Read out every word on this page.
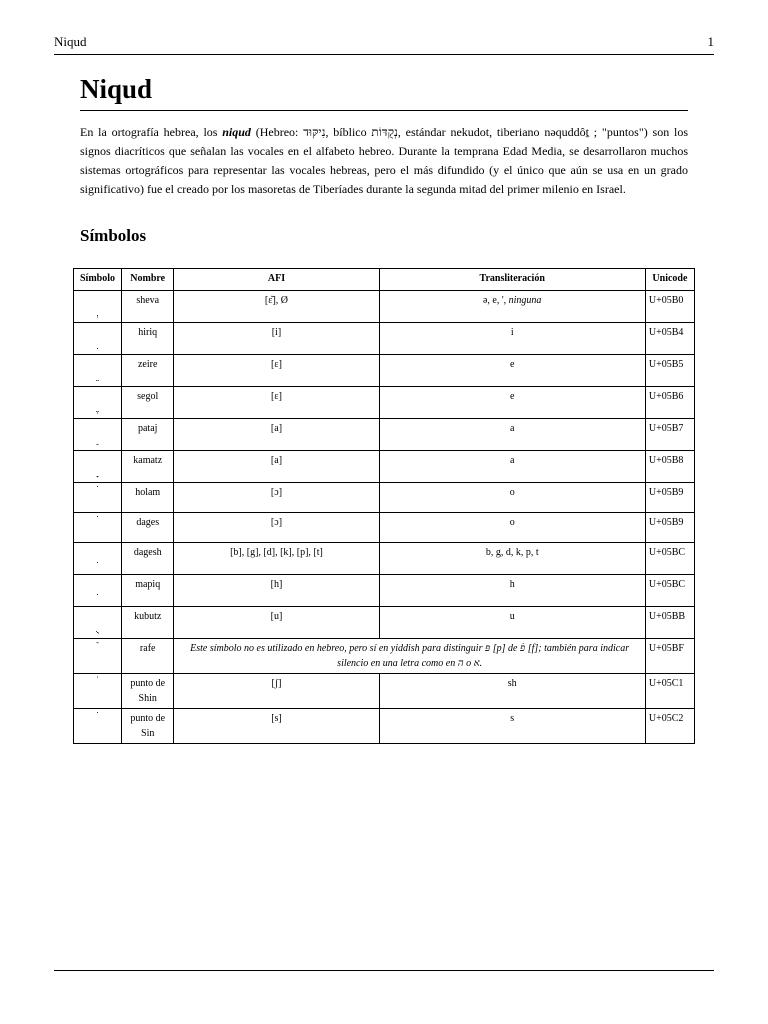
Niqud	1
Niqud

En la ortografía hebrea, los niqud (Hebreo: נִיקּוּד, bíblico נְקֻדּוֹת, estándar nekudot, tiberiano nəquddôṯ ; "puntos") son los signos diacríticos que señalan las vocales en el alfabeto hebreo. Durante la temprana Edad Media, se desarrollaron muchos sistemas ortográficos para representar las vocales hebreas, pero el más difundido (y el único que aún se usa en un grado significativo) fue el creado por los masoretas de Tiberíades durante la segunda mitad del primer milenio en Israel.

Símbolos
Símbolo	Nombre	AFI	Transliteración	Unicode
	sheva	[ɛ̆], Ø	ə, e, ', ninguna	U+05B0
	hiriq	[i]	i	U+05B4
	zeire	[ɛ]	e	U+05B5
	segol	[ɛ]	e	U+05B6
	pataj	[a]	a	U+05B7
	kamatz	[a]	a	U+05B8
	holam	[ɔ]	o	U+05B9
	dages	[ɔ]	o	U+05B9
	dagesh	[b], [g], [d], [k], [p], [t]	b, g, d, k, p, t	U+05BC
	mapiq	[h]	h	U+05BC
	kubutz	[u]	u	U+05BB
	rafe	Este símbolo no es utilizado en hebreo, pero sí en yiddish para distinguir פּ [p] de פֿ [f]; también para indicar silencio en una letra como en ה o א.		U+05BF
	punto de Shin	[ʃ]	sh	U+05C1
	punto de Sin	[s]	s	U+05C2
